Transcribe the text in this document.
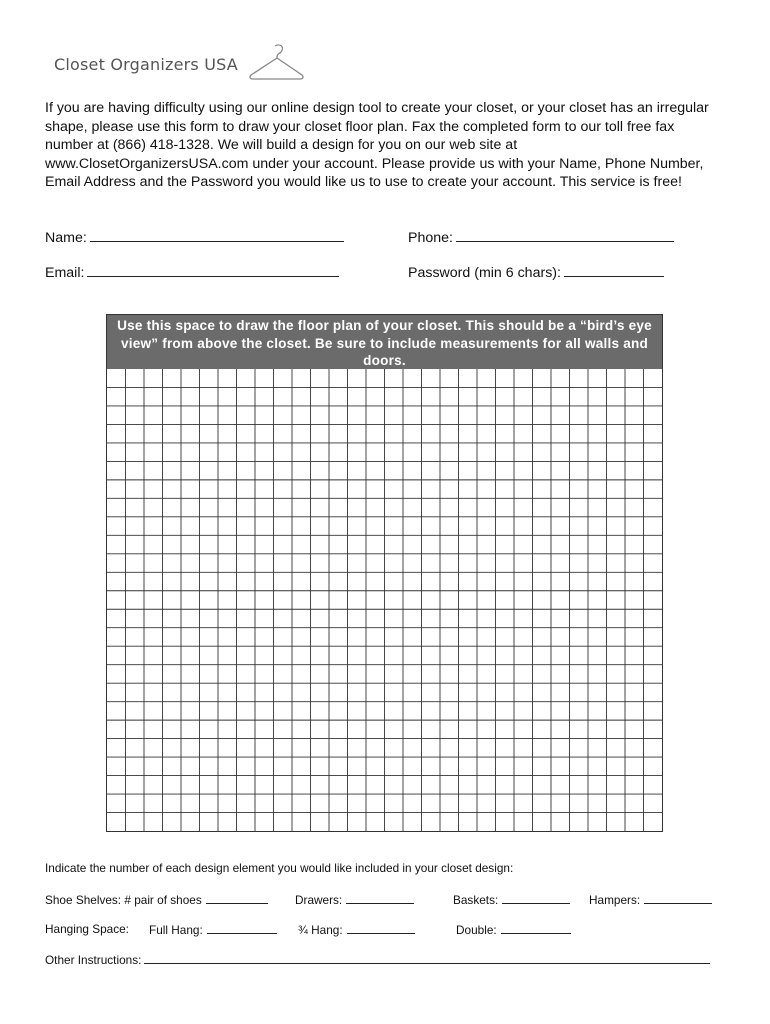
Closet Organizers USA

If you are having difficulty using our online design tool to create your closet, or your closet has an irregular shape, please use this form to draw your closet floor plan. Fax the completed form to our toll free fax number at (866) 418-1328. We will build a design for you on our web site at www.ClosetOrganizersUSA.com under your account. Please provide us with your Name, Phone Number, Email Address and the Password you would like us to use to create your account. This service is free!

Name:	Phone:
Email:	Password (min 6 chars):
Use this space to draw the floor plan of your closet. This should be a “bird’s eye view” from above the closet. Be sure to include measurements for all walls and doors.
Indicate the number of each design element you would like included in your closet design:
Shoe Shelves: # pair of shoes	Drawers:	Baskets:	Hampers:
Hanging Space: Full Hang:	¾ Hang:	Double:
Other Instructions:
